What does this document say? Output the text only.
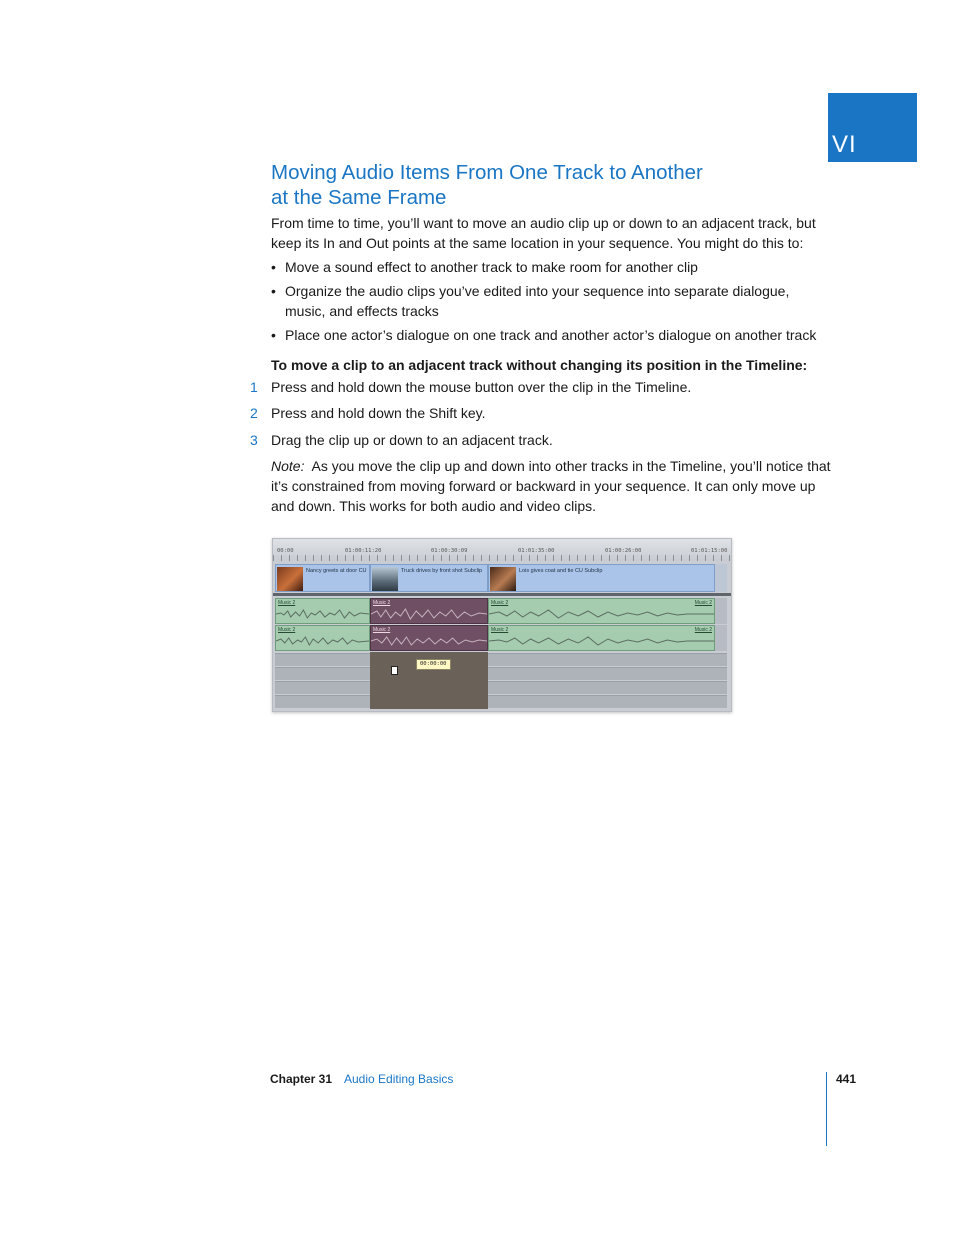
VI
Moving Audio Items From One Track to Another
at the Same Frame
From time to time, you’ll want to move an audio clip up or down to an adjacent track, but keep its In and Out points at the same location in your sequence. You might do this to:
• Move a sound effect to another track to make room for another clip
• Organize the audio clips you’ve edited into your sequence into separate dialogue, music, and effects tracks
• Place one actor’s dialogue on one track and another actor’s dialogue on another track
To move a clip to an adjacent track without changing its position in the Timeline:
1 Press and hold down the mouse button over the clip in the Timeline.
2 Press and hold down the Shift key.
3 Drag the clip up or down to an adjacent track.
Note: As you move the clip up and down into other tracks in the Timeline, you’ll notice that it’s constrained from moving forward or backward in your sequence. It can only move up and down. This works for both audio and video clips.
00:00	01:00:11:20	01:00:30:09	01:01:35:00	01:00:26:00	01:01:15:00
Nancy greets at door CU	Truck drives by front shot Subclip	Lois gives coat and tie CU Subclip
Music 2	Music 2	Music 2	Music 2
Music 2	Music 2	Music 2	Music 2
00:00:00
Chapter 31 Audio Editing Basics	441
